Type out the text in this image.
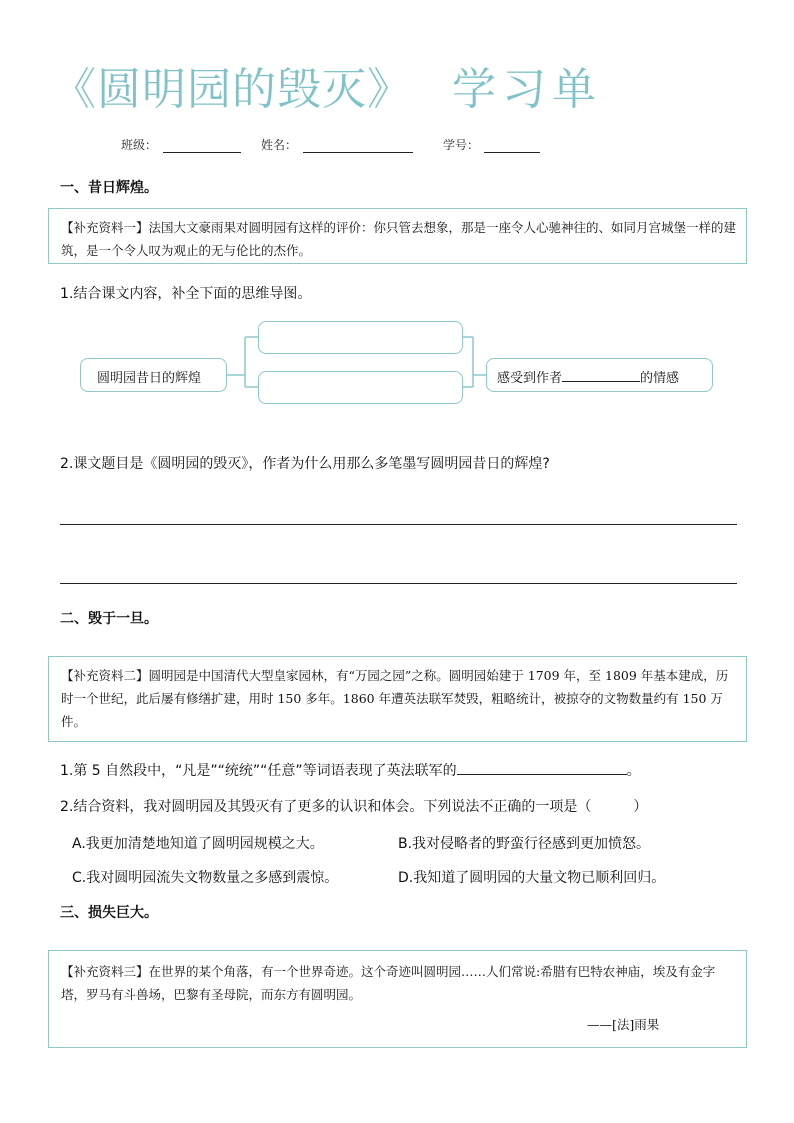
《圆明园的毁灭》 学习单
班级：	姓名：	学号：
一、昔日辉煌。
【补充资料一】法国大文豪雨果对圆明园有这样的评价：你只管去想象，那是一座令人心驰神往的、如同月宫城堡一样的建筑，是一个令人叹为观止的无与伦比的杰作。
1.结合课文内容，补全下面的思维导图。
圆明园昔日的辉煌	感受到作者	的情感
2.课文题目是《圆明园的毁灭》，作者为什么用那么多笔墨写圆明园昔日的辉煌?
二、毁于一旦。
【补充资料二】圆明园是中国清代大型皇家园林，有“万园之园”之称。圆明园始建于 1709 年，至 1809 年基本建成，历时一个世纪，此后屡有修缮扩建，用时 150 多年。1860 年遭英法联军焚毁，粗略统计，被掠夺的文物数量约有 150 万件。
1.第 5 自然段中，“凡是”“统统”“任意”等词语表现了英法联军的	。
2.结合资料，我对圆明园及其毁灭有了更多的认识和体会。下列说法不正确的一项是（　　　）
A.我更加清楚地知道了圆明园规模之大。	B.我对侵略者的野蛮行径感到更加愤怒。
C.我对圆明园流失文物数量之多感到震惊。	D.我知道了圆明园的大量文物已顺利回归。
三、损失巨大。
【补充资料三】在世界的某个角落，有一个世界奇迹。这个奇迹叫圆明园……人们常说:希腊有巴特农神庙，埃及有金字塔，罗马有斗兽场，巴黎有圣母院，而东方有圆明园。
——[法]雨果
